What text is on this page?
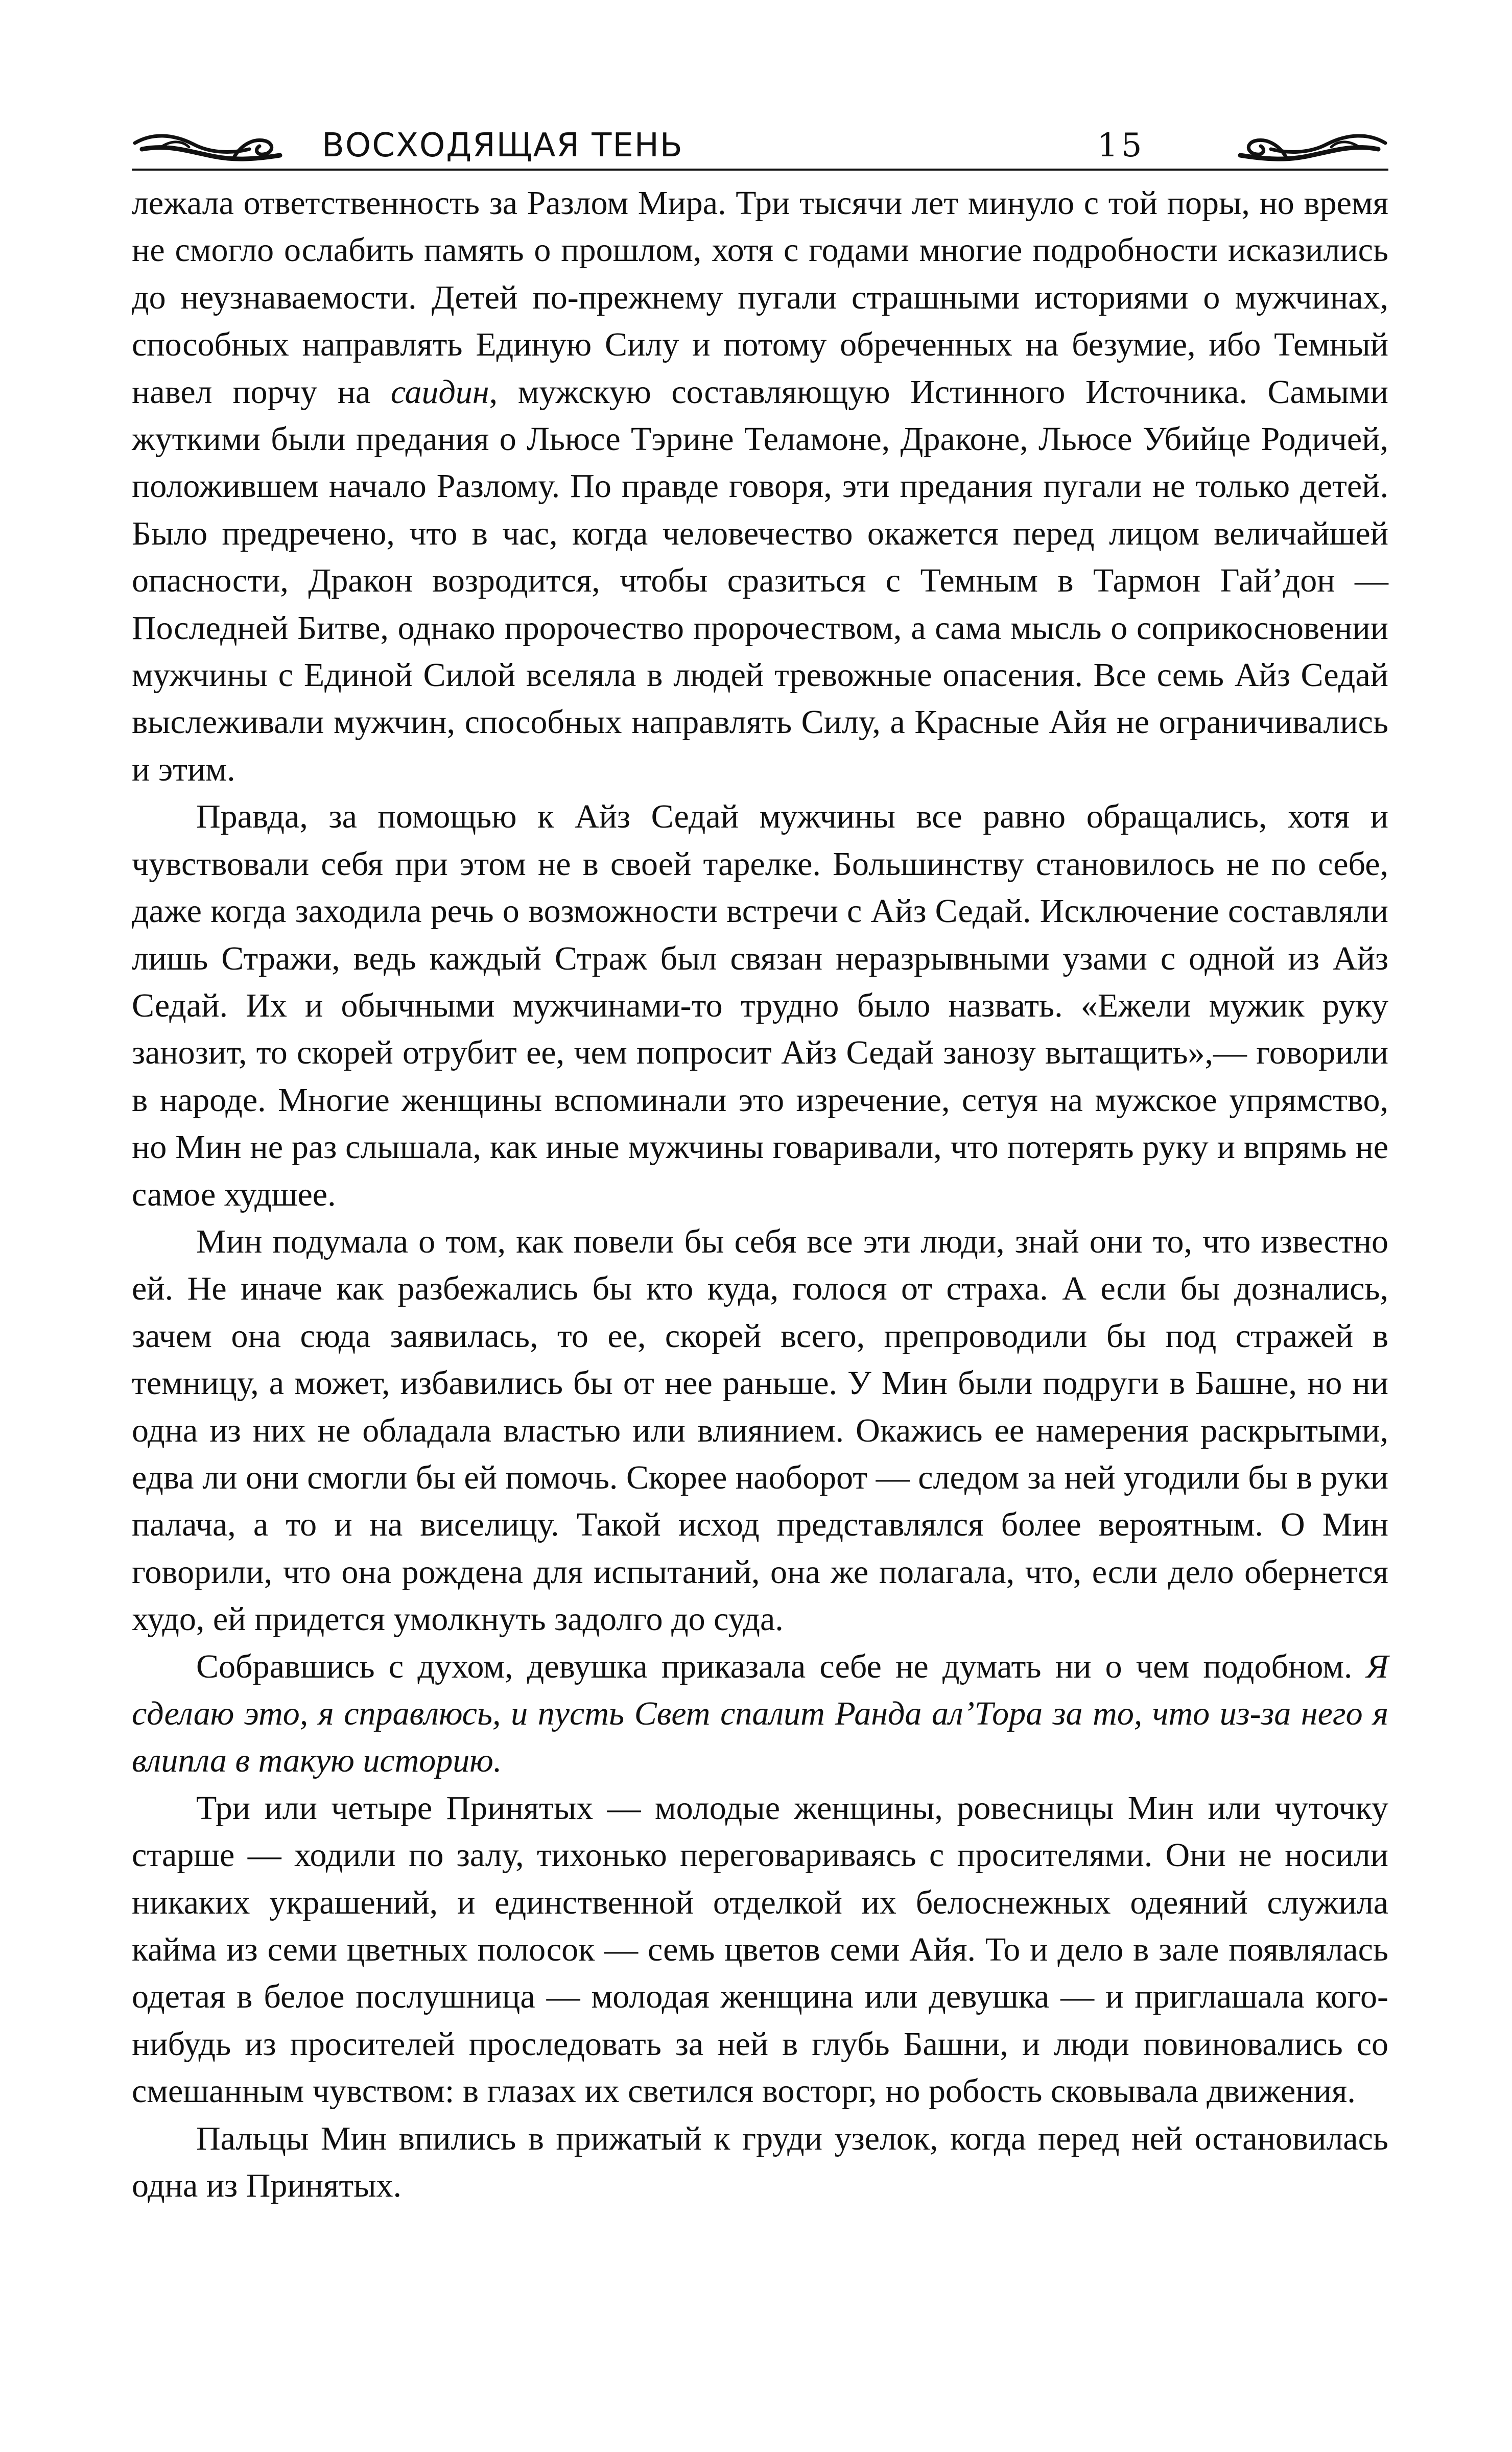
ВОСХОДЯЩАЯ ТЕНЬ	15

лежала ответственность за Разлом Мира. Три тысячи лет минуло с той поры, но время не смогло ослабить память о прошлом, хотя с годами многие подробности исказились до неузнаваемости. Детей по-прежнему пугали страшными историями о мужчинах, способных направлять Единую Силу и потому обреченных на безумие, ибо Темный навел порчу на саидин, мужскую составляющую Истинного Источника. Самыми жуткими были предания о Льюсе Тэрине Теламоне, Драконе, Льюсе Убийце Родичей, положившем начало Разлому. По правде говоря, эти предания пугали не только детей. Было предречено, что в час, когда человечество окажется перед лицом величайшей опасности, Дракон возродится, чтобы сразиться с Темным в Тармон Гай’дон — Последней Битве, однако пророчество пророчеством, а сама мысль о соприкосновении мужчины с Единой Силой вселяла в людей тревожные опасения. Все семь Айз Седай выслеживали мужчин, способных направлять Силу, а Красные Айя не ограничивались и этим.

Правда, за помощью к Айз Седай мужчины все равно обращались, хотя и чувствовали себя при этом не в своей тарелке. Большинству становилось не по себе, даже когда заходила речь о возможности встречи с Айз Седай. Исключение составляли лишь Стражи, ведь каждый Страж был связан неразрывными узами с одной из Айз Седай. Их и обычными мужчинами-то трудно было назвать. «Ежели мужик руку занозит, то скорей отрубит ее, чем попросит Айз Седай занозу вытащить»,— говорили в народе. Многие женщины вспоминали это изречение, сетуя на мужское упрямство, но Мин не раз слышала, как иные мужчины говаривали, что потерять руку и впрямь не самое худшее.

Мин подумала о том, как повели бы себя все эти люди, знай они то, что известно ей. Не иначе как разбежались бы кто куда, голося от страха. А если бы дознались, зачем она сюда заявилась, то ее, скорей всего, препроводили бы под стражей в темницу, а может, избавились бы от нее раньше. У Мин были подруги в Башне, но ни одна из них не обладала властью или влиянием. Окажись ее намерения раскрытыми, едва ли они смогли бы ей помочь. Скорее наоборот — следом за ней угодили бы в руки палача, а то и на виселицу. Такой исход представлялся более вероятным. О Мин говорили, что она рождена для испытаний, она же полагала, что, если дело обернется худо, ей придется умолкнуть задолго до суда.

Собравшись с духом, девушка приказала себе не думать ни о чем подобном. Я сделаю это, я справлюсь, и пусть Свет спалит Ранда ал’Тора за то, что из-за него я влипла в такую историю.

Три или четыре Принятых — молодые женщины, ровесницы Мин или чуточку старше — ходили по залу, тихонько переговариваясь с просителями. Они не носили никаких украшений, и единственной отделкой их белоснежных одеяний служила кайма из семи цветных полосок — семь цветов семи Айя. То и дело в зале появлялась одетая в белое послушница — молодая женщина или девушка — и приглашала кого-нибудь из просителей проследовать за ней в глубь Башни, и люди повиновались со смешанным чувством: в глазах их светился восторг, но робость сковывала движения.

Пальцы Мин впились в прижатый к груди узелок, когда перед ней остановилась одна из Принятых.
